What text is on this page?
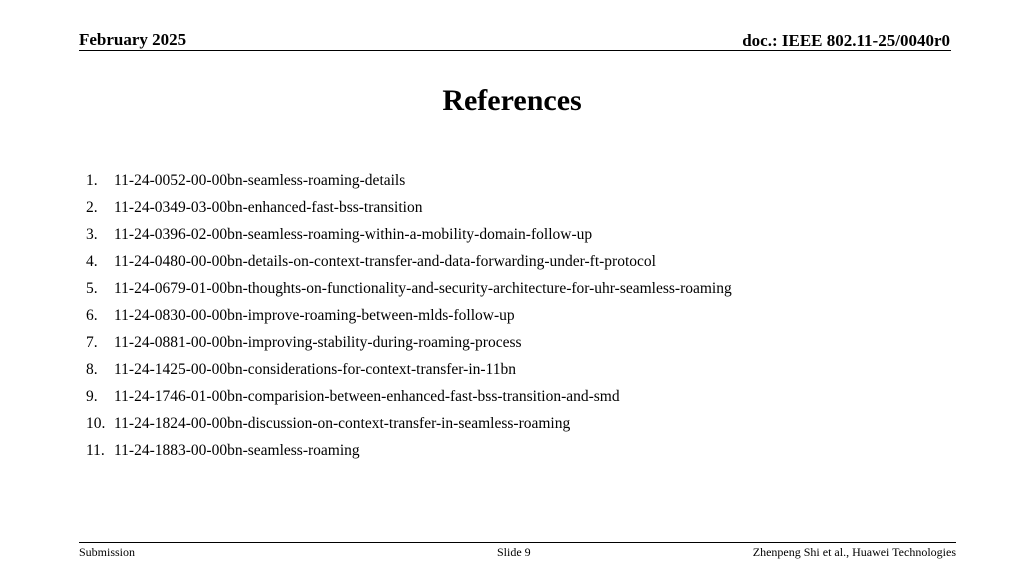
February 2025	doc.: IEEE 802.11-25/0040r0
References
1. 11-24-0052-00-00bn-seamless-roaming-details
2. 11-24-0349-03-00bn-enhanced-fast-bss-transition
3. 11-24-0396-02-00bn-seamless-roaming-within-a-mobility-domain-follow-up
4. 11-24-0480-00-00bn-details-on-context-transfer-and-data-forwarding-under-ft-protocol
5. 11-24-0679-01-00bn-thoughts-on-functionality-and-security-architecture-for-uhr-seamless-roaming
6. 11-24-0830-00-00bn-improve-roaming-between-mlds-follow-up
7. 11-24-0881-00-00bn-improving-stability-during-roaming-process
8. 11-24-1425-00-00bn-considerations-for-context-transfer-in-11bn
9. 11-24-1746-01-00bn-comparision-between-enhanced-fast-bss-transition-and-smd
10. 11-24-1824-00-00bn-discussion-on-context-transfer-in-seamless-roaming
11. 11-24-1883-00-00bn-seamless-roaming
Submission	Slide 9	Zhenpeng Shi et al., Huawei Technologies
